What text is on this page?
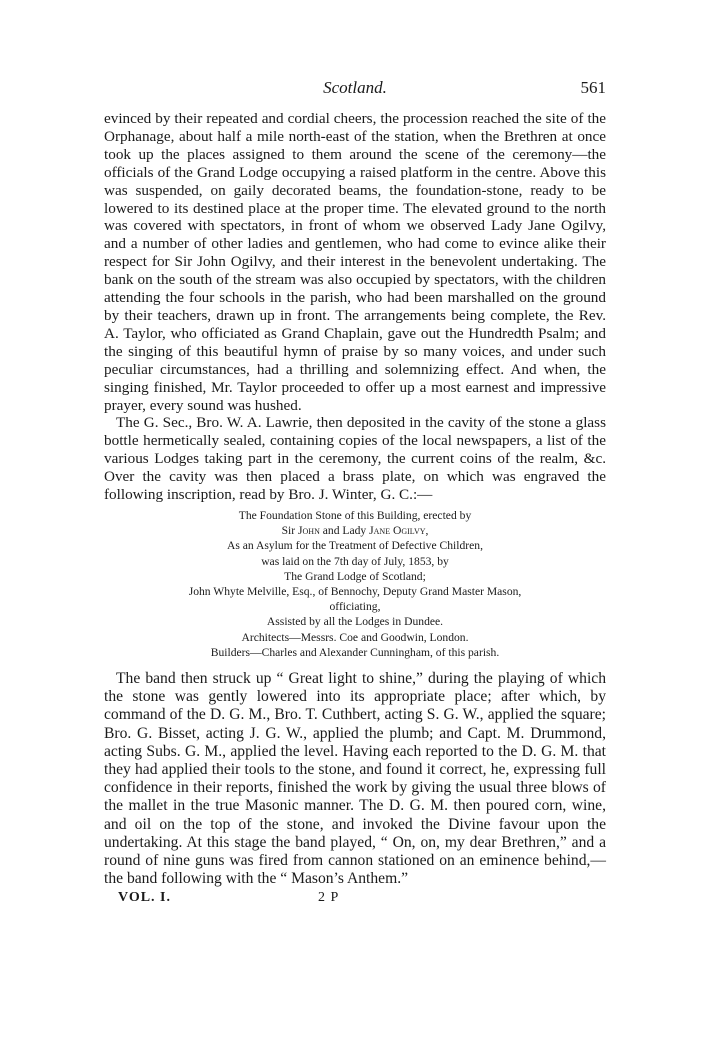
Scotland.	561

evinced by their repeated and cordial cheers, the procession reached the site of the Orphanage, about half a mile north-east of the station, when the Brethren at once took up the places assigned to them around the scene of the ceremony—the officials of the Grand Lodge occupying a raised platform in the centre. Above this was suspended, on gaily decorated beams, the foundation-stone, ready to be lowered to its destined place at the proper time. The elevated ground to the north was covered with spectators, in front of whom we observed Lady Jane Ogilvy, and a number of other ladies and gentlemen, who had come to evince alike their respect for Sir John Ogilvy, and their interest in the benevolent undertaking. The bank on the south of the stream was also occupied by spectators, with the children attending the four schools in the parish, who had been marshalled on the ground by their teachers, drawn up in front. The arrangements being complete, the Rev. A. Taylor, who officiated as Grand Chaplain, gave out the Hundredth Psalm; and the singing of this beautiful hymn of praise by so many voices, and under such peculiar circumstances, had a thrilling and solemnizing effect. And when, the singing finished, Mr. Taylor proceeded to offer up a most earnest and impressive prayer, every sound was hushed.

The G. Sec., Bro. W. A. Lawrie, then deposited in the cavity of the stone a glass bottle hermetically sealed, containing copies of the local newspapers, a list of the various Lodges taking part in the ceremony, the current coins of the realm, &c. Over the cavity was then placed a brass plate, on which was engraved the following inscription, read by Bro. J. Winter, G. C.:—

The Foundation Stone of this Building, erected by
Sir John and Lady Jane Ogilvy,
As an Asylum for the Treatment of Defective Children,
was laid on the 7th day of July, 1853, by
The Grand Lodge of Scotland;
John Whyte Melville, Esq., of Bennochy, Deputy Grand Master Mason,
officiating,
Assisted by all the Lodges in Dundee.
Architects—Messrs. Coe and Goodwin, London.
Builders—Charles and Alexander Cunningham, of this parish.

The band then struck up “ Great light to shine,” during the playing of which the stone was gently lowered into its appropriate place; after which, by command of the D. G. M., Bro. T. Cuthbert, acting S. G. W., applied the square; Bro. G. Bisset, acting J. G. W., applied the plumb; and Capt. M. Drummond, acting Subs. G. M., applied the level. Having each reported to the D. G. M. that they had applied their tools to the stone, and found it correct, he, expressing full confidence in their reports, finished the work by giving the usual three blows of the mallet in the true Masonic manner. The D. G. M. then poured corn, wine, and oil on the top of the stone, and invoked the Divine favour upon the undertaking. At this stage the band played, “ On, on, my dear Brethren,” and a round of nine guns was fired from cannon stationed on an eminence behind,—the band following with the “ Mason’s Anthem.”

VOL. I.	2 P
